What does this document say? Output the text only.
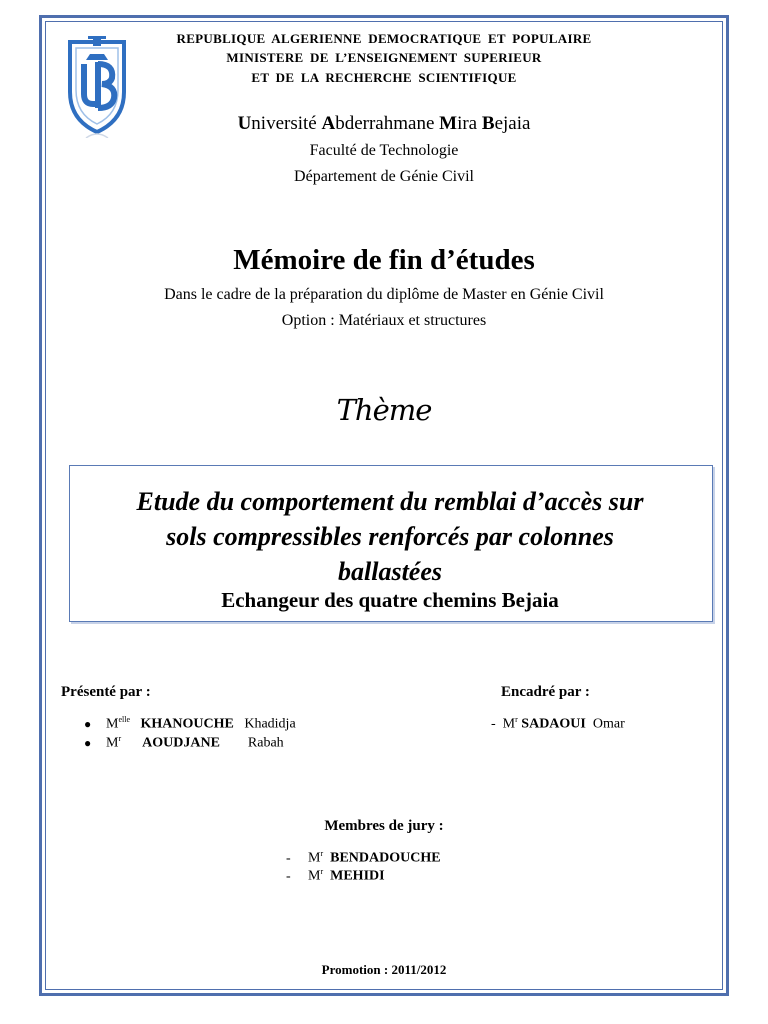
REPUBLIQUE ALGERIENNE DEMOCRATIQUE ET POPULAIRE
MINISTERE DE L’ENSEIGNEMENT SUPERIEUR
ET DE LA RECHERCHE SCIENTIFIQUE
Université Abderrahmane Mira Bejaia
Faculté de Technologie
Département de Génie Civil
Mémoire de fin d’études
Dans le cadre de la préparation du diplôme de Master en Génie Civil
Option : Matériaux et structures
Thème
Etude du comportement du remblai d’accès sur
sols compressibles renforcés par colonnes
ballastées
Echangeur des quatre chemins Bejaia
Présenté par :
● $M^{elle}$ KHANOUCHE Khadidja
● $M^r$ AOUDJANE Rabah
Encadré par :
- $M^r$ SADAOUI Omar
Membres de jury :
- $M^r$ BENDADOUCHE
- $M^r$ MEHIDI
Promotion : 2011/2012
